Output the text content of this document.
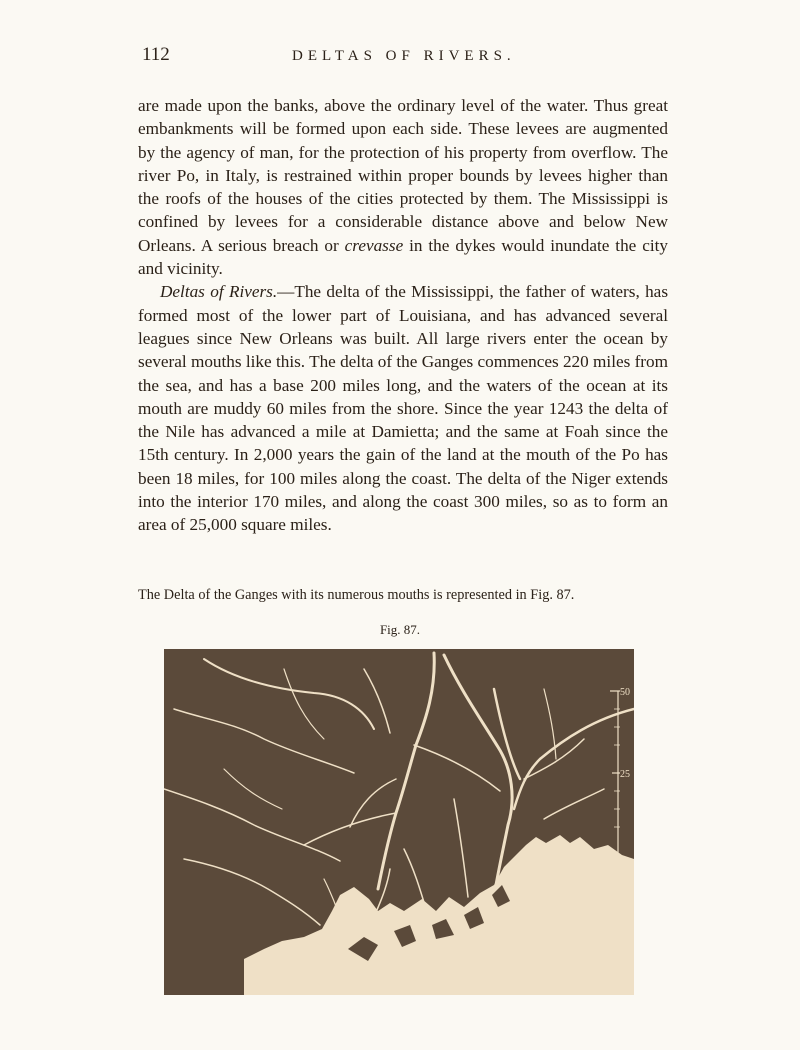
112	DELTAS OF RIVERS.

are made upon the banks, above the ordinary level of the water. Thus great embankments will be formed upon each side. These levees are augmented by the agency of man, for the protection of his property from overflow. The river Po, in Italy, is restrained within proper bounds by levees higher than the roofs of the houses of the cities protected by them. The Mississippi is confined by levees for a considerable distance above and below New Orleans. A serious breach or crevasse in the dykes would inundate the city and vicinity.

Deltas of Rivers.—The delta of the Mississippi, the father of waters, has formed most of the lower part of Louisiana, and has advanced several leagues since New Orleans was built. All large rivers enter the ocean by several mouths like this. The delta of the Ganges commences 220 miles from the sea, and has a base 200 miles long, and the waters of the ocean at its mouth are muddy 60 miles from the shore. Since the year 1243 the delta of the Nile has advanced a mile at Damietta; and the same at Foah since the 15th century. In 2,000 years the gain of the land at the mouth of the Po has been 18 miles, for 100 miles along the coast. The delta of the Niger extends into the interior 170 miles, and along the coast 300 miles, so as to form an area of 25,000 square miles.

The Delta of the Ganges with its numerous mouths is represented in Fig. 87.
Fig. 87.
50
25
